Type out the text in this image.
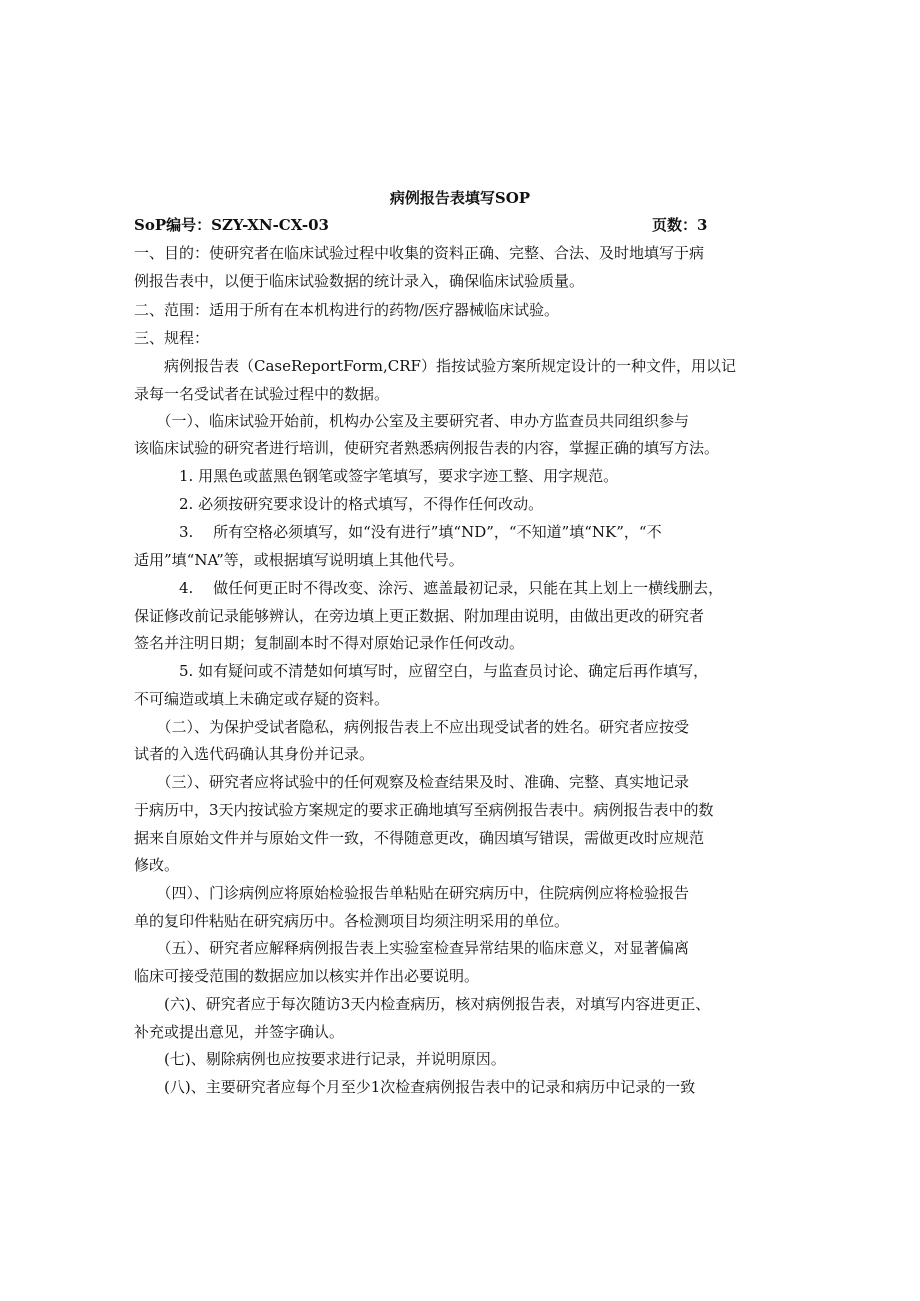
病例报告表填写SOP
SoP编号：SZY-XN-CX-03	页数：3
一、目的：使研究者在临床试验过程中收集的资料正确、完整、合法、及时地填写于病
例报告表中，以便于临床试验数据的统计录入，确保临床试验质量。
二、范围：适用于所有在本机构进行的药物/医疗器械临床试验。
三、规程：
　　病例报告表（CaseReportForm,CRF）指按试验方案所规定设计的一种文件，用以记
录每一名受试者在试验过程中的数据。
　　（一）、临床试验开始前，机构办公室及主要研究者、申办方监查员共同组织参与
该临床试验的研究者进行培训，使研究者熟悉病例报告表的内容，掌握正确的填写方法。
　　　1. 用黑色或蓝黑色钢笔或签字笔填写，要求字迹工整、用字规范。
　　　2. 必须按研究要求设计的格式填写，不得作任何改动。
　　　3.　 所有空格必须填写，如“没有进行”填“ND”，“不知道”填“NK”，“不
适用”填“NA”等，或根据填写说明填上其他代号。
　　　4.　 做任何更正时不得改变、涂污、遮盖最初记录，只能在其上划上一横线删去，
保证修改前记录能够辨认，在旁边填上更正数据、附加理由说明，由做出更改的研究者
签名并注明日期；复制副本时不得对原始记录作任何改动。
　　　5. 如有疑问或不清楚如何填写时，应留空白，与监查员讨论、确定后再作填写，
不可编造或填上未确定或存疑的资料。
　　（二）、为保护受试者隐私，病例报告表上不应出现受试者的姓名。研究者应按受
试者的入选代码确认其身份并记录。
　　（三）、研究者应将试验中的任何观察及检查结果及时、准确、完整、真实地记录
于病历中，3天内按试验方案规定的要求正确地填写至病例报告表中。病例报告表中的数
据来自原始文件并与原始文件一致，不得随意更改，确因填写错误，需做更改时应规范
修改。
　　（四）、门诊病例应将原始检验报告单粘贴在研究病历中，住院病例应将检验报告
单的复印件粘贴在研究病历中。各检测项目均须注明采用的单位。
　　（五）、研究者应解释病例报告表上实验室检查异常结果的临床意义，对显著偏离
临床可接受范围的数据应加以核实并作出必要说明。
　　(六)、研究者应于每次随访3天内检查病历，核对病例报告表，对填写内容进更正、
补充或提出意见，并签字确认。
　　(七)、剔除病例也应按要求进行记录，并说明原因。
　　(八)、主要研究者应每个月至少1次检查病例报告表中的记录和病历中记录的一致
